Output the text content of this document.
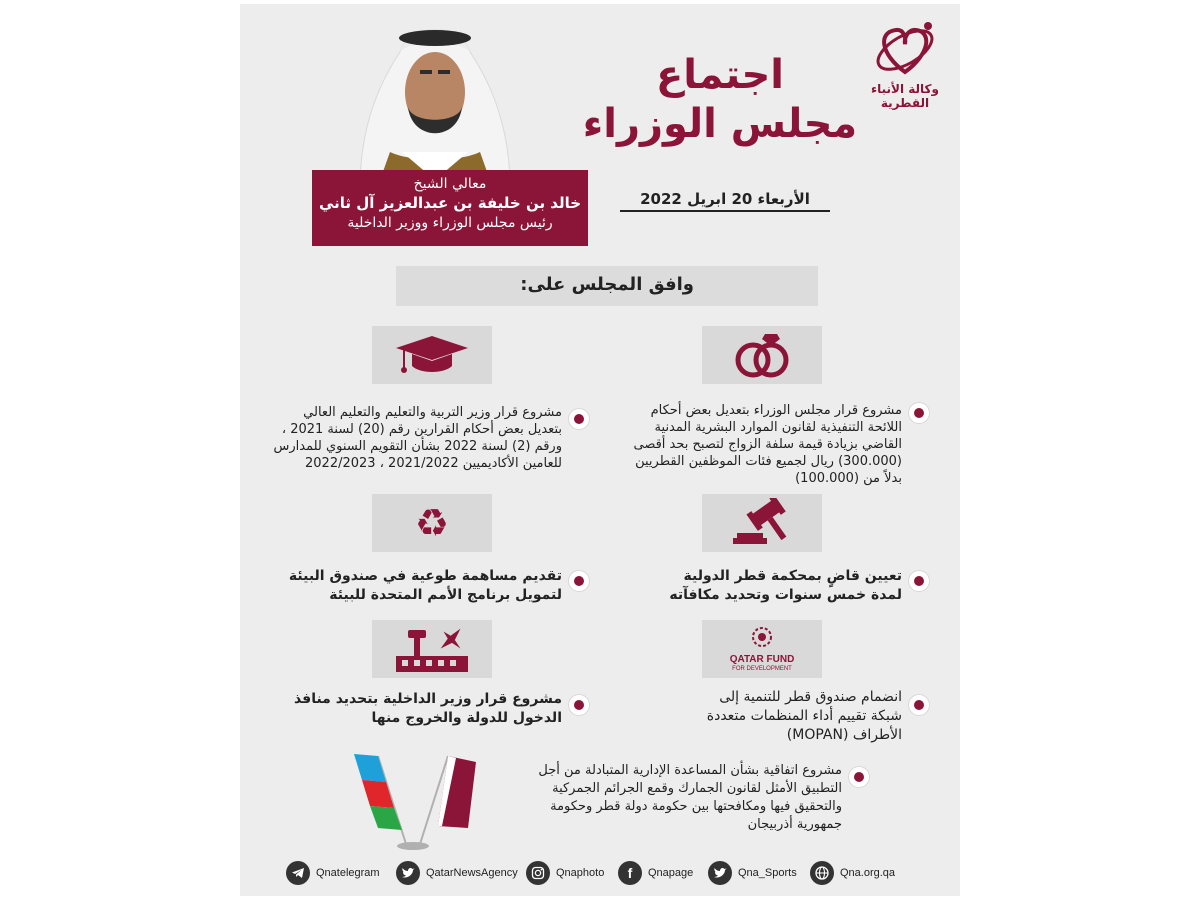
وكالة الأنباء
القطرية
اجتماع
مجلس الوزراء
الأربعاء 20 ابريل 2022
معالي الشيخ
خالد بن خليفة بن عبدالعزيز آل ثاني
رئيس مجلس الوزراء ووزير الداخلية
وافق المجلس على:
مشروع قرار مجلس الوزراء بتعديل بعض أحكام اللائحة التنفيذية لقانون الموارد البشرية المدنية القاضي بزيادة قيمة سلفة الزواج لتصبح بحد أقصى (300.000) ريال لجميع فئات الموظفين القطريين بدلاً من (100.000)
مشروع قرار وزير التربية والتعليم والتعليم العالي بتعديل بعض أحكام القرارين رقم (20) لسنة 2021 ، ورقم (2) لسنة 2022 بشأن التقويم السنوي للمدارس للعامين الأكاديميين 2021/2022 ، 2022/2023
تعيين قاضٍ بمحكمة قطر الدولية لمدة خمس سنوات وتحديد مكافآته
♻
تقديم مساهمة طوعية في صندوق البيئة لتمويل برنامج الأمم المتحدة للبيئة
QATAR FUND
FOR DEVELOPMENT
انضمام صندوق قطر للتنمية إلى شبكة تقييم أداء المنظمات متعددة الأطراف (MOPAN)
مشروع قرار وزير الداخلية بتحديد منافذ الدخول للدولة والخروج منها
مشروع اتفاقية بشأن المساعدة الإدارية المتبادلة من أجل التطبيق الأمثل لقانون الجمارك وقمع الجرائم الجمركية والتحقيق فيها ومكافحتها بين حكومة دولة قطر وحكومة جمهورية أذربيجان
Qna.org.qa
Qna_Sports
f Qnapage
Qnaphoto
QatarNewsAgency
Qnatelegram
